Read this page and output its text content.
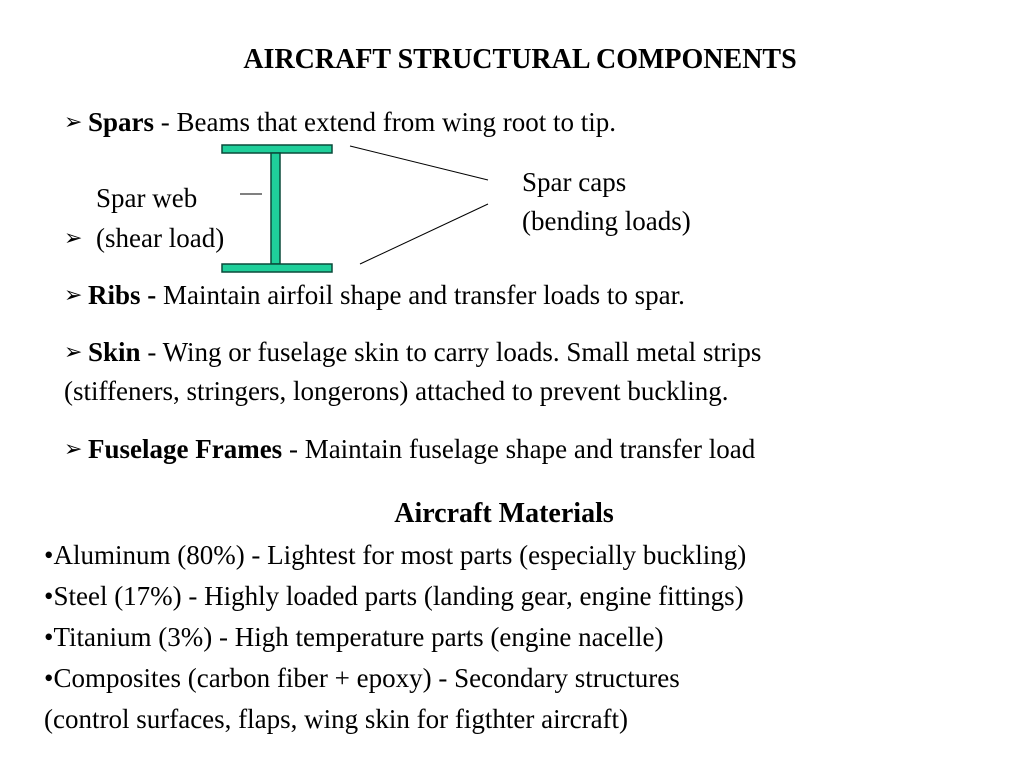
AIRCRAFT STRUCTURAL COMPONENTS
➢ Spars - Beams that extend from wing root to tip.
Spar web
➢ (shear load)
Spar caps
(bending loads)
➢ Ribs - Maintain airfoil shape and transfer loads to spar.
➢ Skin - Wing or fuselage skin to carry loads. Small metal strips
(stiffeners, stringers, longerons) attached to prevent buckling.
➢ Fuselage Frames - Maintain fuselage shape and transfer load
Aircraft Materials
•Aluminum (80%) - Lightest for most parts (especially buckling)
•Steel (17%) - Highly loaded parts (landing gear, engine fittings)
•Titanium (3%) - High temperature parts (engine nacelle)
•Composites (carbon fiber + epoxy) - Secondary structures
(control surfaces, flaps, wing skin for figthter aircraft)
